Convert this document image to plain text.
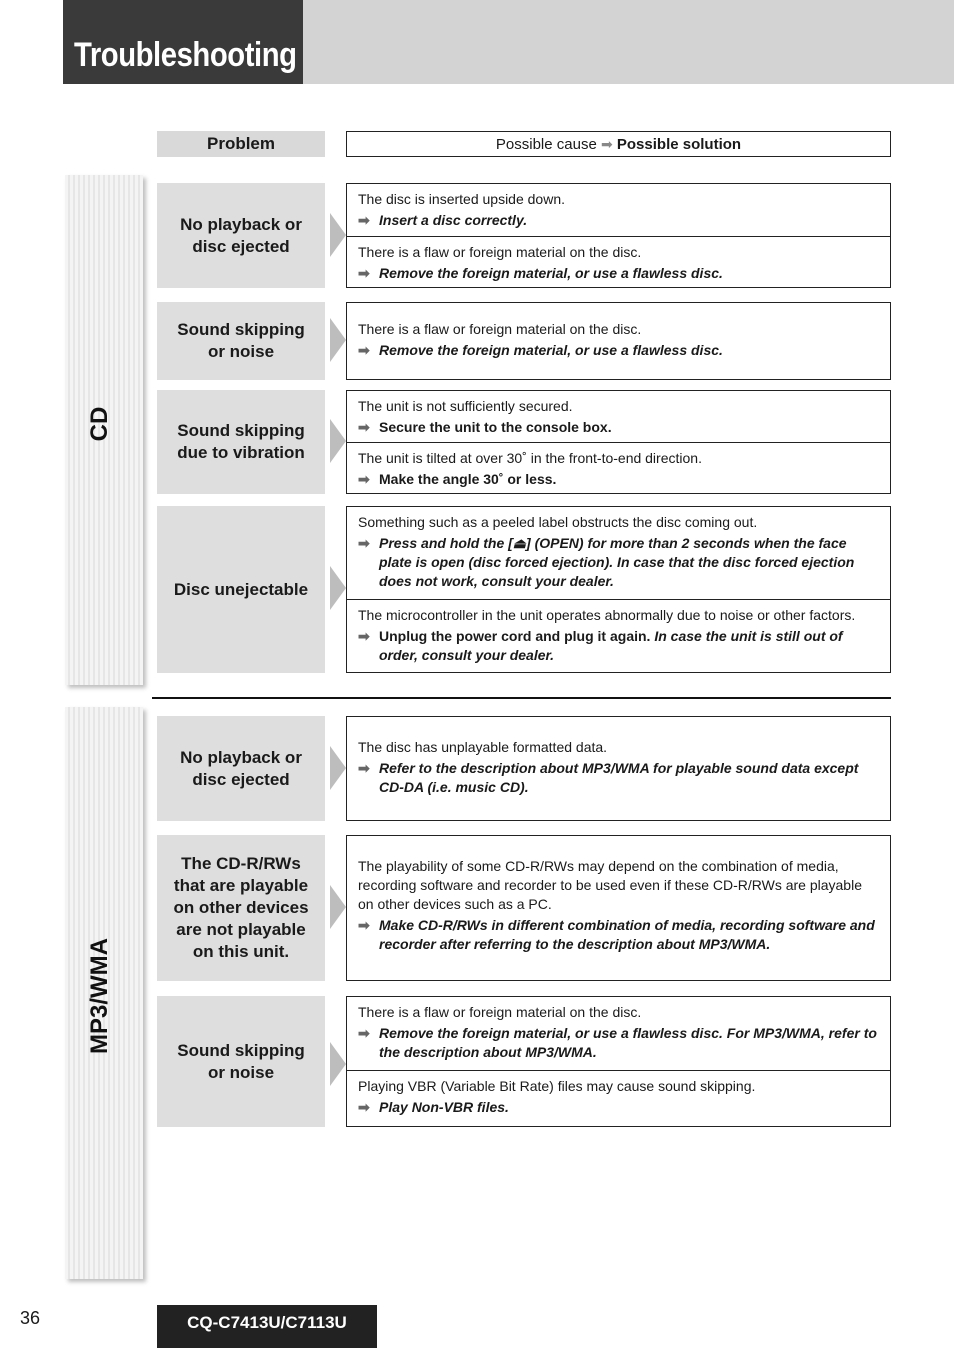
Troubleshooting
Problem	Possible cause ➡ Possible solution
CD
MP3/WMA
No playback or disc ejected
The disc is inserted upside down.
➡ Insert a disc correctly.
There is a flaw or foreign material on the disc.
➡ Remove the foreign material, or use a flawless disc.
Sound skipping or noise
There is a flaw or foreign material on the disc.
➡ Remove the foreign material, or use a flawless disc.
Sound skipping due to vibration
The unit is not sufficiently secured.
➡ Secure the unit to the console box.
The unit is tilted at over 30˚ in the front-to-end direction.
➡ Make the angle 30˚ or less.
Disc unejectable
Something such as a peeled label obstructs the disc coming out.
➡ Press and hold the [⏏] (OPEN) for more than 2 seconds when the face plate is open (disc forced ejection). In case that the disc forced ejection does not work, consult your dealer.
The microcontroller in the unit operates abnormally due to noise or other factors.
➡ Unplug the power cord and plug it again. In case the unit is still out of order, consult your dealer.
No playback or disc ejected
The disc has unplayable formatted data.
➡ Refer to the description about MP3/WMA for playable sound data except CD-DA (i.e. music CD).
The CD-R/RWs that are playable on other devices are not playable on this unit.
The playability of some CD-R/RWs may depend on the combination of media, recording software and recorder to be used even if these CD-R/RWs are playable on other devices such as a PC.
➡ Make CD-R/RWs in different combination of media, recording software and recorder after referring to the description about MP3/WMA.
Sound skipping or noise
There is a flaw or foreign material on the disc.
➡ Remove the foreign material, or use a flawless disc. For MP3/WMA, refer to the description about MP3/WMA.
Playing VBR (Variable Bit Rate) files may cause sound skipping.
➡ Play Non-VBR files.
36	CQ-C7413U/C7113U
